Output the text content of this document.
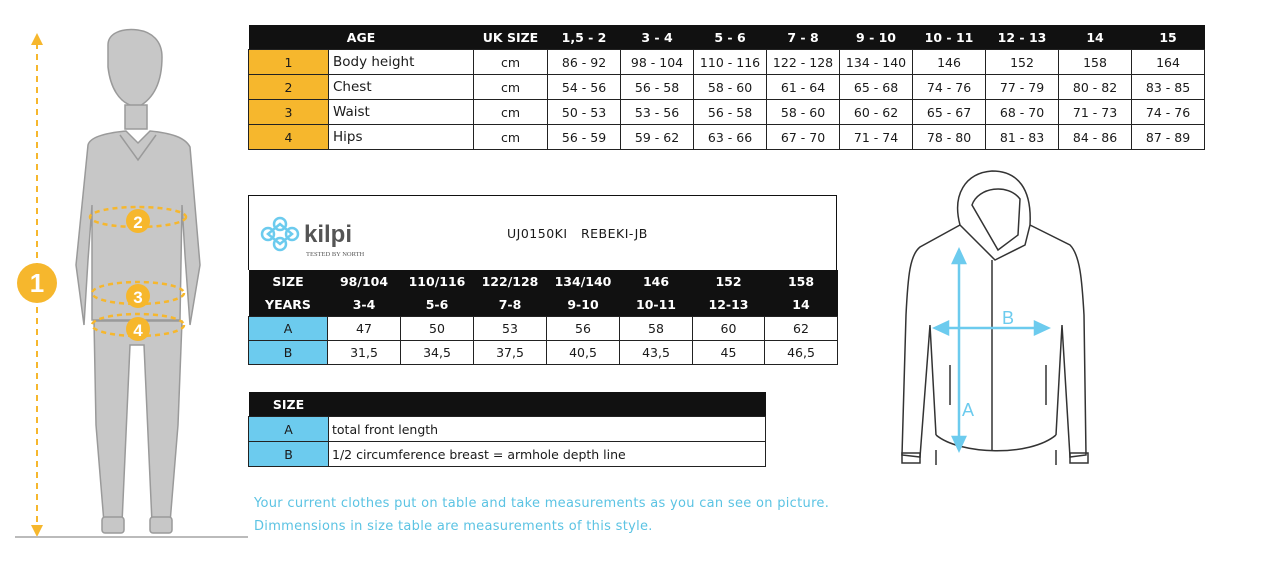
1
2
3
4
AGE		UK SIZE	1,5 - 2	3 - 4	5 - 6	7 - 8	9 - 10	10 - 11	12 - 13	14	15
1	Body height	cm	86 - 92	98 - 104	110 - 116	122 - 128	134 - 140	146	152	158	164
2	Chest	cm	54 - 56	56 - 58	58 - 60	61 - 64	65 - 68	74 - 76	77 - 79	80 - 82	83 - 85
3	Waist	cm	50 - 53	53 - 56	56 - 58	58 - 60	60 - 62	65 - 67	68 - 70	71 - 73	74 - 76
4	Hips	cm	56 - 59	59 - 62	63 - 66	67 - 70	71 - 74	78 - 80	81 - 83	84 - 86	87 - 89
kilpi
TESTED BY NORTH
UJ0150KI REBEKI-JB
SIZE	98/104	110/116	122/128	134/140	146	152	158
YEARS	3-4	5-6	7-8	9-10	10-11	12-13	14
A	47	50	53	56	58	60	62
B	31,5	34,5	37,5	40,5	43,5	45	46,5
SIZE	
A	total front length
B	1/2 circumference breast = armhole depth line
Your current clothes put on table and take measurements as you can see on picture.
Dimmensions in size table are measurements of this style.
A
B
